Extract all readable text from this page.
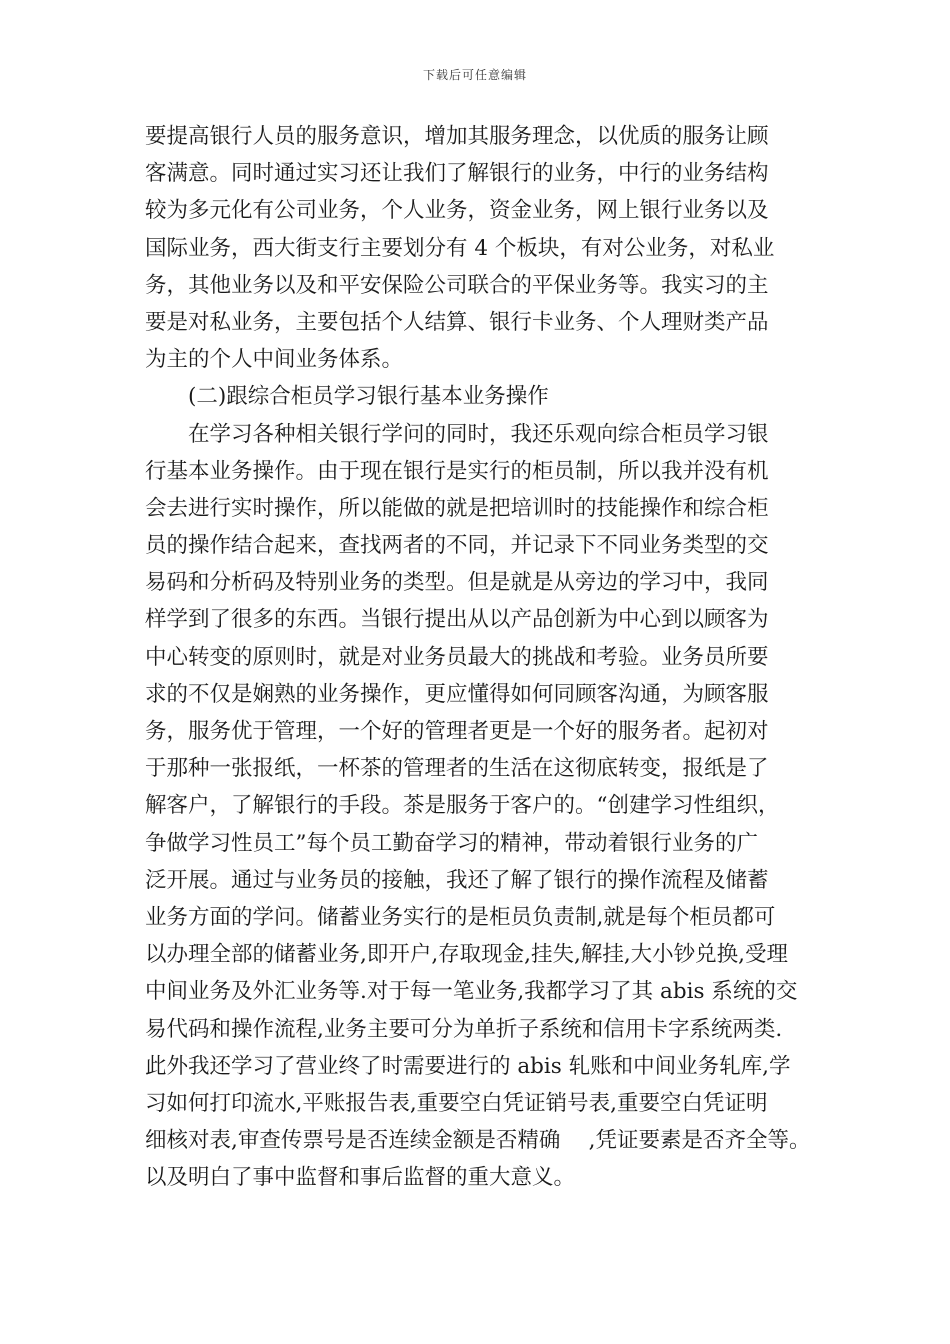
下载后可任意编辑
要提高银行人员的服务意识，增加其服务理念，以优质的服务让顾
客满意。同时通过实习还让我们了解银行的业务，中行的业务结构
较为多元化有公司业务，个人业务，资金业务，网上银行业务以及
国际业务，西大街支行主要划分有 4 个板块，有对公业务，对私业
务，其他业务以及和平安保险公司联合的平保业务等。我实习的主
要是对私业务，主要包括个人结算、银行卡业务、个人理财类产品
为主的个人中间业务体系。
(二)跟综合柜员学习银行基本业务操作
在学习各种相关银行学问的同时，我还乐观向综合柜员学习银
行基本业务操作。由于现在银行是实行的柜员制，所以我并没有机
会去进行实时操作，所以能做的就是把培训时的技能操作和综合柜
员的操作结合起来，查找两者的不同，并记录下不同业务类型的交
易码和分析码及特别业务的类型。但是就是从旁边的学习中，我同
样学到了很多的东西。当银行提出从以产品创新为中心到以顾客为
中心转变的原则时，就是对业务员最大的挑战和考验。业务员所要
求的不仅是娴熟的业务操作，更应懂得如何同顾客沟通，为顾客服
务，服务优于管理，一个好的管理者更是一个好的服务者。起初对
于那种一张报纸，一杯茶的管理者的生活在这彻底转变，报纸是了
解客户，了解银行的手段。茶是服务于客户的。“创建学习性组织，
争做学习性员工”每个员工勤奋学习的精神，带动着银行业务的广
泛开展。通过与业务员的接触，我还了解了银行的操作流程及储蓄
业务方面的学问。储蓄业务实行的是柜员负责制,就是每个柜员都可
以办理全部的储蓄业务,即开户,存取现金,挂失,解挂,大小钞兑换,受理
中间业务及外汇业务等.对于每一笔业务,我都学习了其 abis 系统的交
易代码和操作流程,业务主要可分为单折子系统和信用卡字系统两类.
此外我还学习了营业终了时需要进行的 abis 轧账和中间业务轧库,学
习如何打印流水,平账报告表,重要空白凭证销号表,重要空白凭证明
细核对表,审查传票号是否连续金额是否精确　 ,凭证要素是否齐全等。
以及明白了事中监督和事后监督的重大意义。
